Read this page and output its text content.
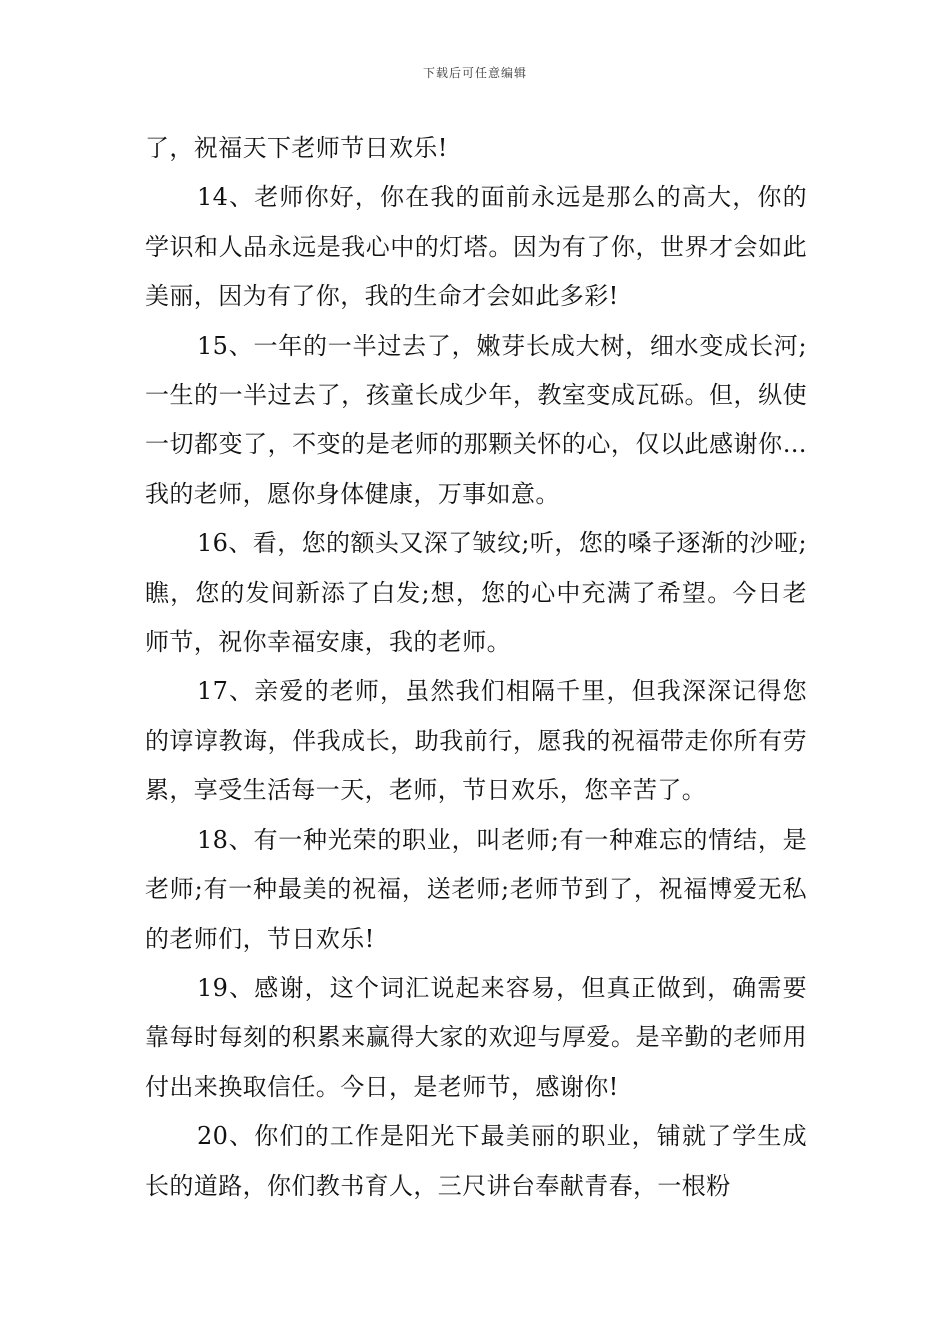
下载后可任意编辑

了，祝福天下老师节日欢乐!

14、老师你好，你在我的面前永远是那么的高大，你的学识和人品永远是我心中的灯塔。因为有了你，世界才会如此美丽，因为有了你，我的生命才会如此多彩!

15、一年的一半过去了，嫩芽长成大树，细水变成长河;一生的一半过去了，孩童长成少年，教室变成瓦砾。但，纵使一切都变了，不变的是老师的那颗关怀的心，仅以此感谢你…我的老师，愿你身体健康，万事如意。

16、看，您的额头又深了皱纹;听，您的嗓子逐渐的沙哑;瞧，您的发间新添了白发;想，您的心中充满了希望。今日老师节，祝你幸福安康，我的老师。

17、亲爱的老师，虽然我们相隔千里，但我深深记得您的谆谆教诲，伴我成长，助我前行，愿我的祝福带走你所有劳累，享受生活每一天，老师，节日欢乐，您辛苦了。

18、有一种光荣的职业，叫老师;有一种难忘的情结，是老师;有一种最美的祝福，送老师;老师节到了，祝福博爱无私的老师们，节日欢乐!

19、感谢，这个词汇说起来容易，但真正做到，确需要靠每时每刻的积累来赢得大家的欢迎与厚爱。是辛勤的老师用付出来换取信任。今日，是老师节，感谢你!

20、你们的工作是阳光下最美丽的职业，铺就了学生成长的道路，你们教书育人，三尺讲台奉献青春，一根粉
